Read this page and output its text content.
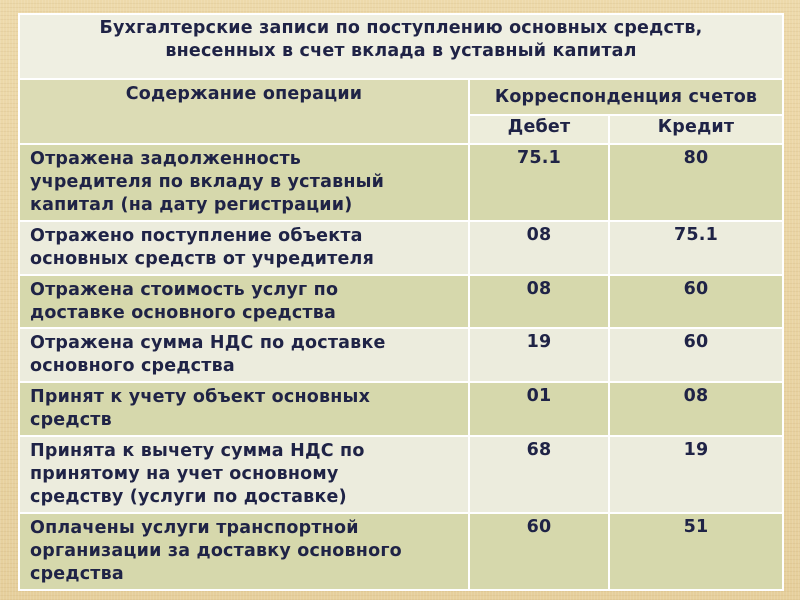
Бухгалтерские записи по поступлению основных средств,
внесенных в счет вклада в уставный капитал		

Содержание операции	Корреспонденция счетов	
	Дебет	Кредит

Отражена задолженность
учредителя по вкладу в уставный
капитал (на дату регистрации)	75.1	80

Отражено поступление объекта
основных средств от учредителя	08	75.1

Отражена стоимость услуг по
доставке основного средства	08	60

Отражена сумма НДС по доставке
основного средства	19	60

Принят к учету объект основных
средств	01	08

Принята к вычету сумма НДС по
принятому на учет основному
средству (услуги по доставке)	68	19

Оплачены услуги транспортной
организации за доставку основного
средства	60	51
